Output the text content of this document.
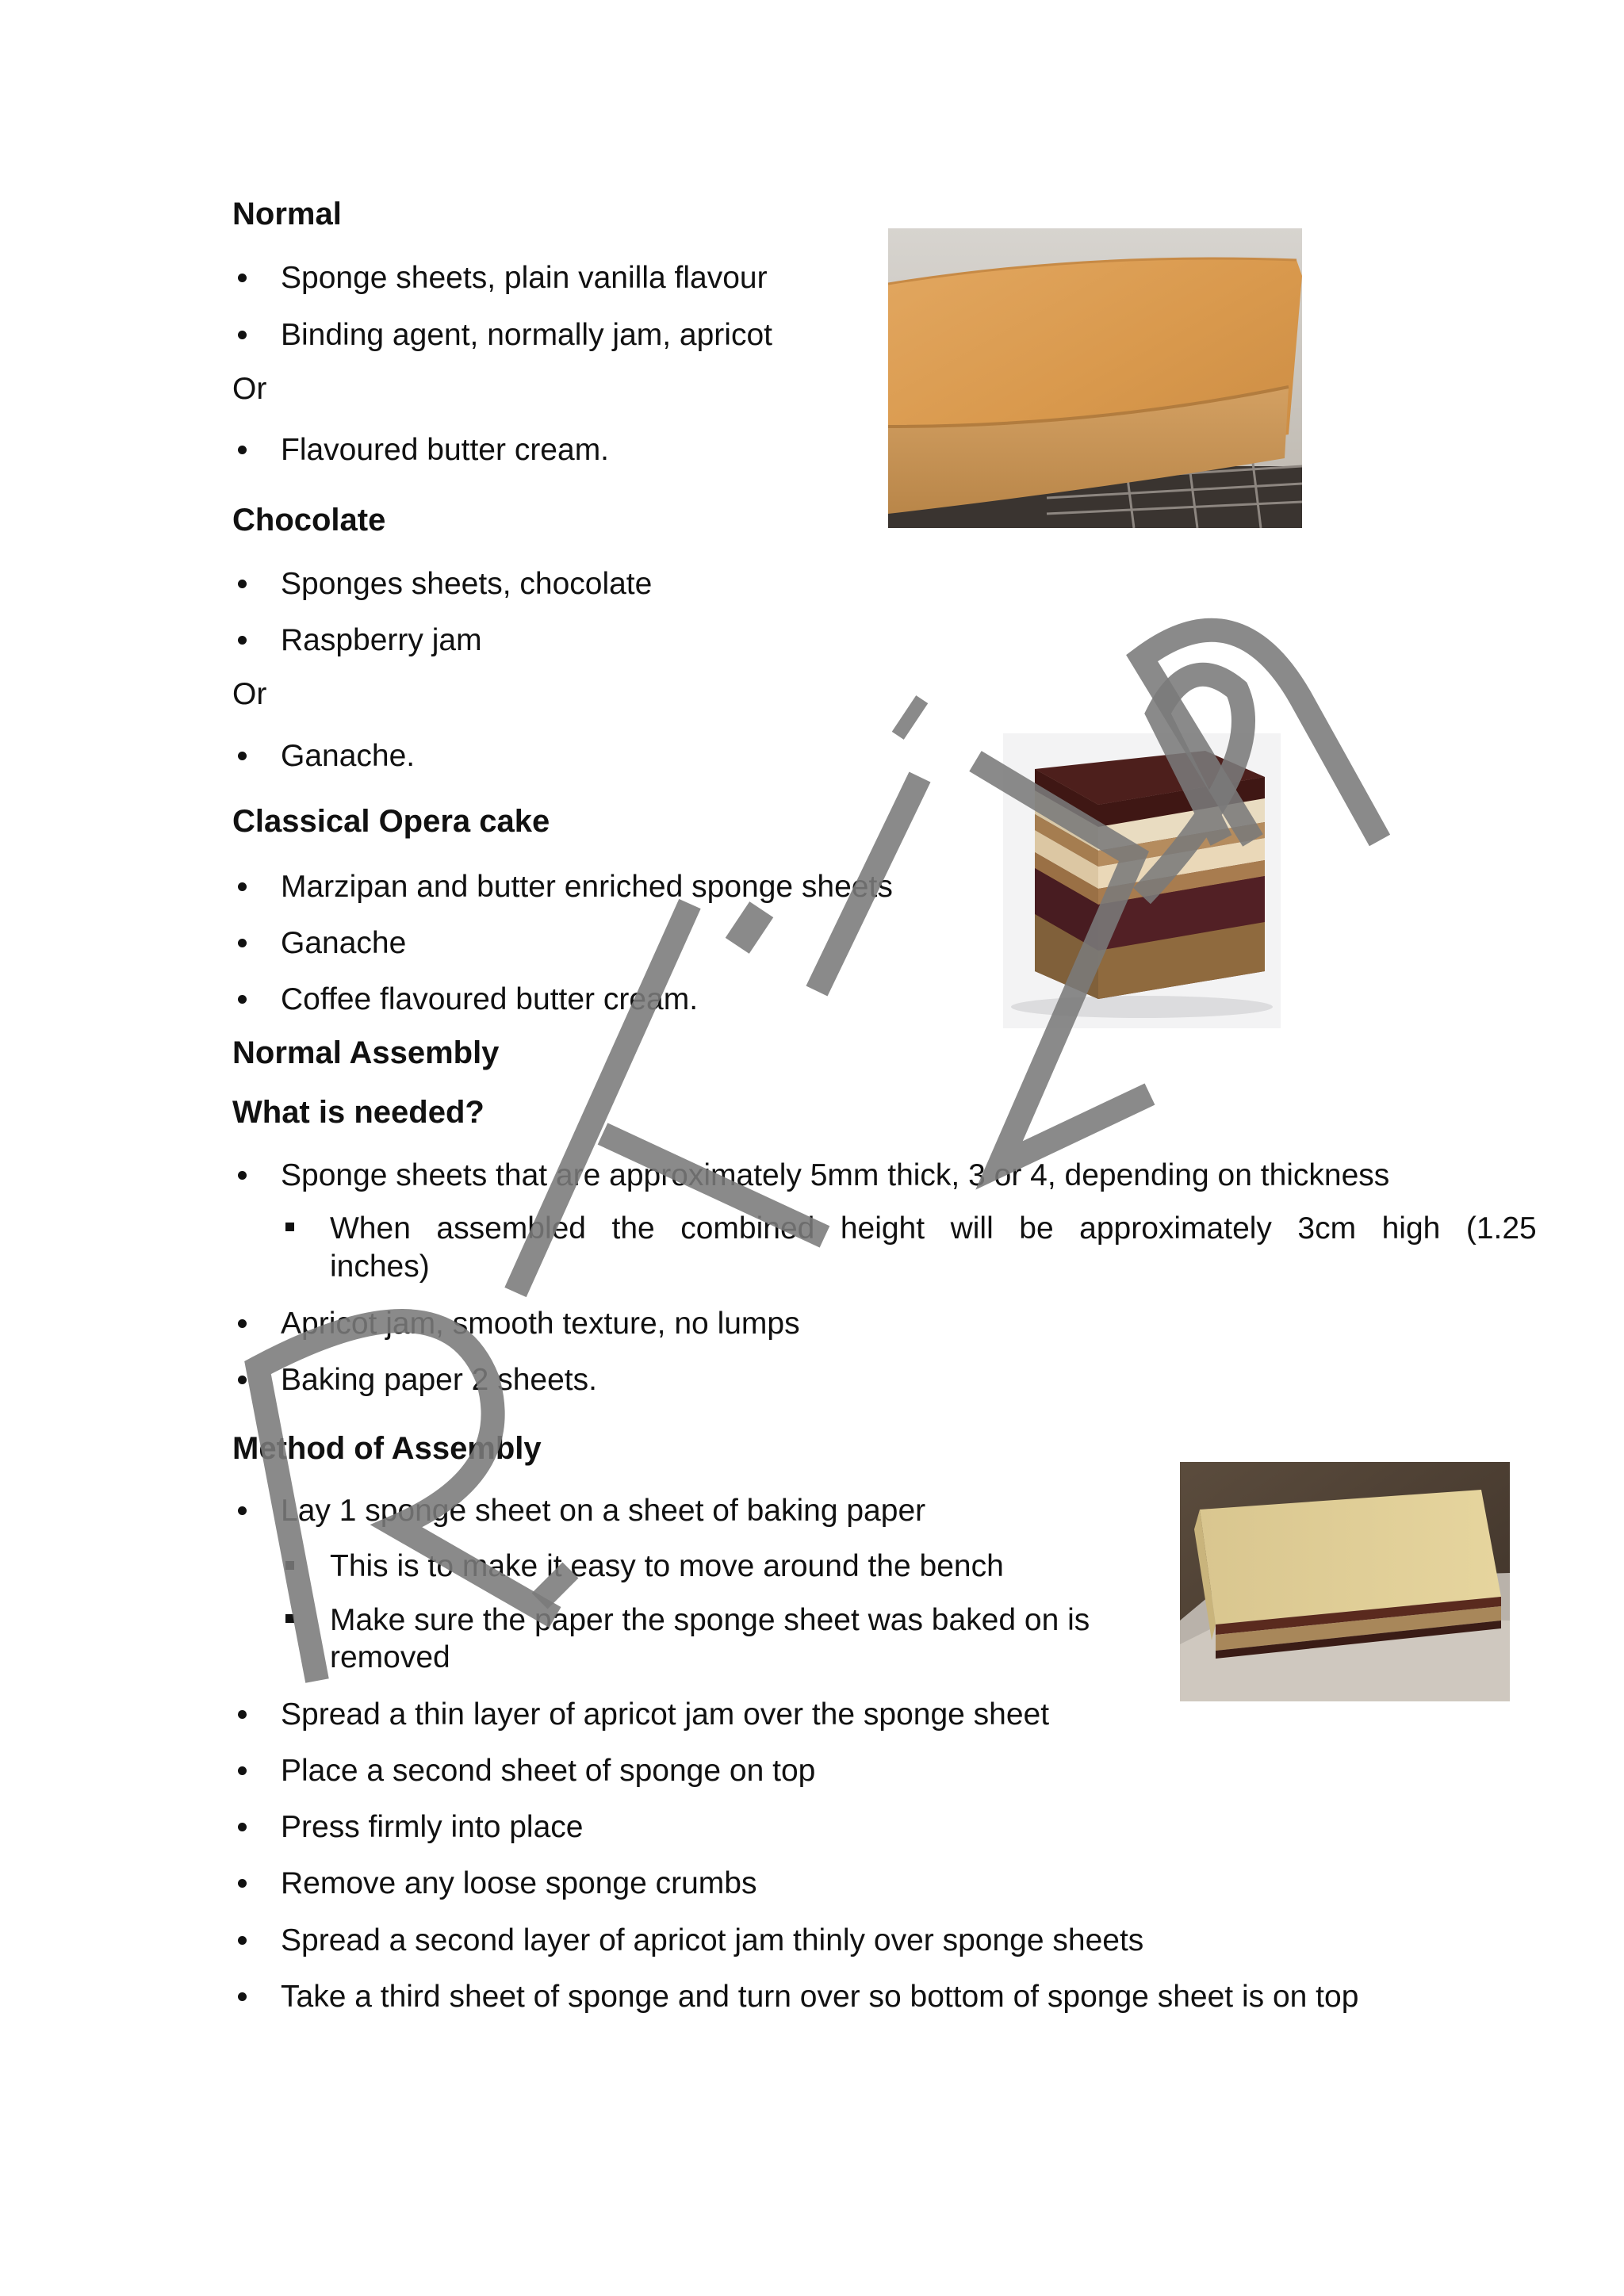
Normal
Sponge sheets, plain vanilla flavour
Binding agent, normally jam, apricot
Or
Flavoured butter cream.
Chocolate
Sponges sheets, chocolate
Raspberry jam
Or
Ganache.
Classical Opera cake
Marzipan and butter enriched sponge sheets
Ganache
Coffee flavoured butter cream.
Normal Assembly
What is needed?
Sponge sheets that are approximately 5mm thick, 3 or 4, depending on thickness
When   assembled   the   combined   height   will   be   approximately   3cm   high   (1.25
inches)
Apricot jam, smooth texture, no lumps
Baking paper 2 sheets.
Method of Assembly
Lay 1 sponge sheet on a sheet of baking paper
This is to make it easy to move around the bench
Make sure the paper the sponge sheet was baked on is
removed
Spread a thin layer of apricot jam over the sponge sheet
Place a second sheet of sponge on top
Press firmly into place
Remove any loose sponge crumbs
Spread a second layer of apricot jam thinly over sponge sheets
Take a third sheet of sponge and turn over so bottom of sponge sheet is on top
